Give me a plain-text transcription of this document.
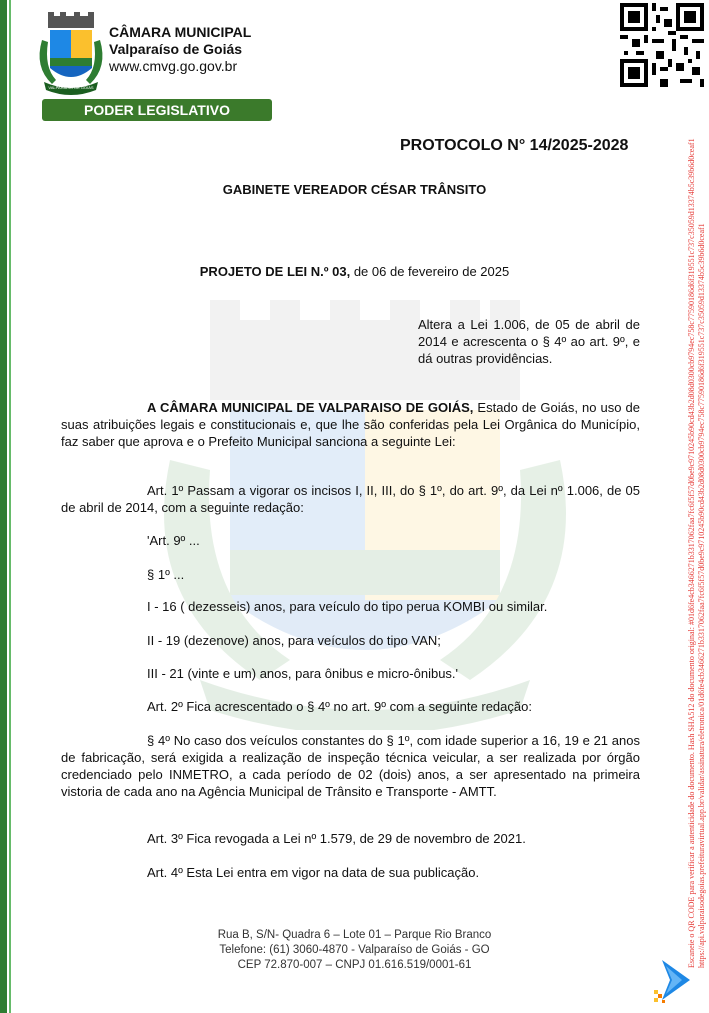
VALPARAÍSO DE GOIÁS
CÂMARA MUNICIPAL
Valparaíso de Goiás
www.cmvg.go.gov.br
PODER LEGISLATIVO
Escaneie o QR CODE para verificar a autenticidade do documento. Hash SHA512 do documento original: #01d6fe4cb3466271b3317062faa7fc6f5f57d0be9c9710245b90cd43b2d08d0300cb9794ec758c77590186d6f319551c737c35059d13374b5c39b6d0ceaf1 https://api.valparaisodegoias.prefeituravirtual.app.br/validar/assinatura/eletronica/01d6fe4cb3466271b3317062faa7fc6f5f57d0be9c9710245b90cd43b2d08d0300cb9794ec758c77590186d6f319551c737c35059d13374b5c39b6d0ceaf1
PROTOCOLO N° 14/2025-2028
GABINETE VEREADOR CÉSAR TRÂNSITO
PROJETO DE LEI N.º 03, de 06 de fevereiro de 2025
Altera a Lei 1.006, de 05 de abril de 2014 e acrescenta o § 4º ao art. 9º, e dá outras providências.
A CÂMARA MUNICIPAL DE VALPARAISO DE GOIÁS, Estado de Goiás, no uso de suas atribuições legais e constitucionais e, que lhe são conferidas pela Lei Orgânica do Município, faz saber que aprova e o Prefeito Municipal sanciona a seguinte Lei:
Art. 1º Passam a vigorar os incisos I, II, III, do § 1º, do art. 9º, da Lei nº 1.006, de 05 de abril de 2014, com a seguinte redação:
'Art. 9º ...
§ 1º ...
I - 16 ( dezesseis) anos, para veículo do tipo perua KOMBI ou similar.
II - 19 (dezenove) anos, para veículos do tipo VAN;
III - 21 (vinte e um) anos, para ônibus e micro-ônibus.'
Art. 2º Fica acrescentado o § 4º no art. 9º com a seguinte redação:
§ 4º No caso dos veículos constantes do § 1º, com idade superior a 16, 19 e 21 anos de fabricação, será exigida a realização de inspeção técnica veicular, a ser realizada por órgão credenciado pelo INMETRO, a cada período de 02 (dois) anos, a ser apresentado na primeira vistoria de cada ano na Agência Municipal de Trânsito e Transporte - AMTT.
Art. 3º Fica revogada a Lei nº 1.579, de 29 de novembro de 2021.
Art. 4º Esta Lei entra em vigor na data de sua publicação.
Rua B, S/N- Quadra 6 – Lote 01 – Parque Rio Branco
Telefone: (61) 3060-4870 - Valparaíso de Goiás - GO
CEP 72.870-007 – CNPJ 01.616.519/0001-61
